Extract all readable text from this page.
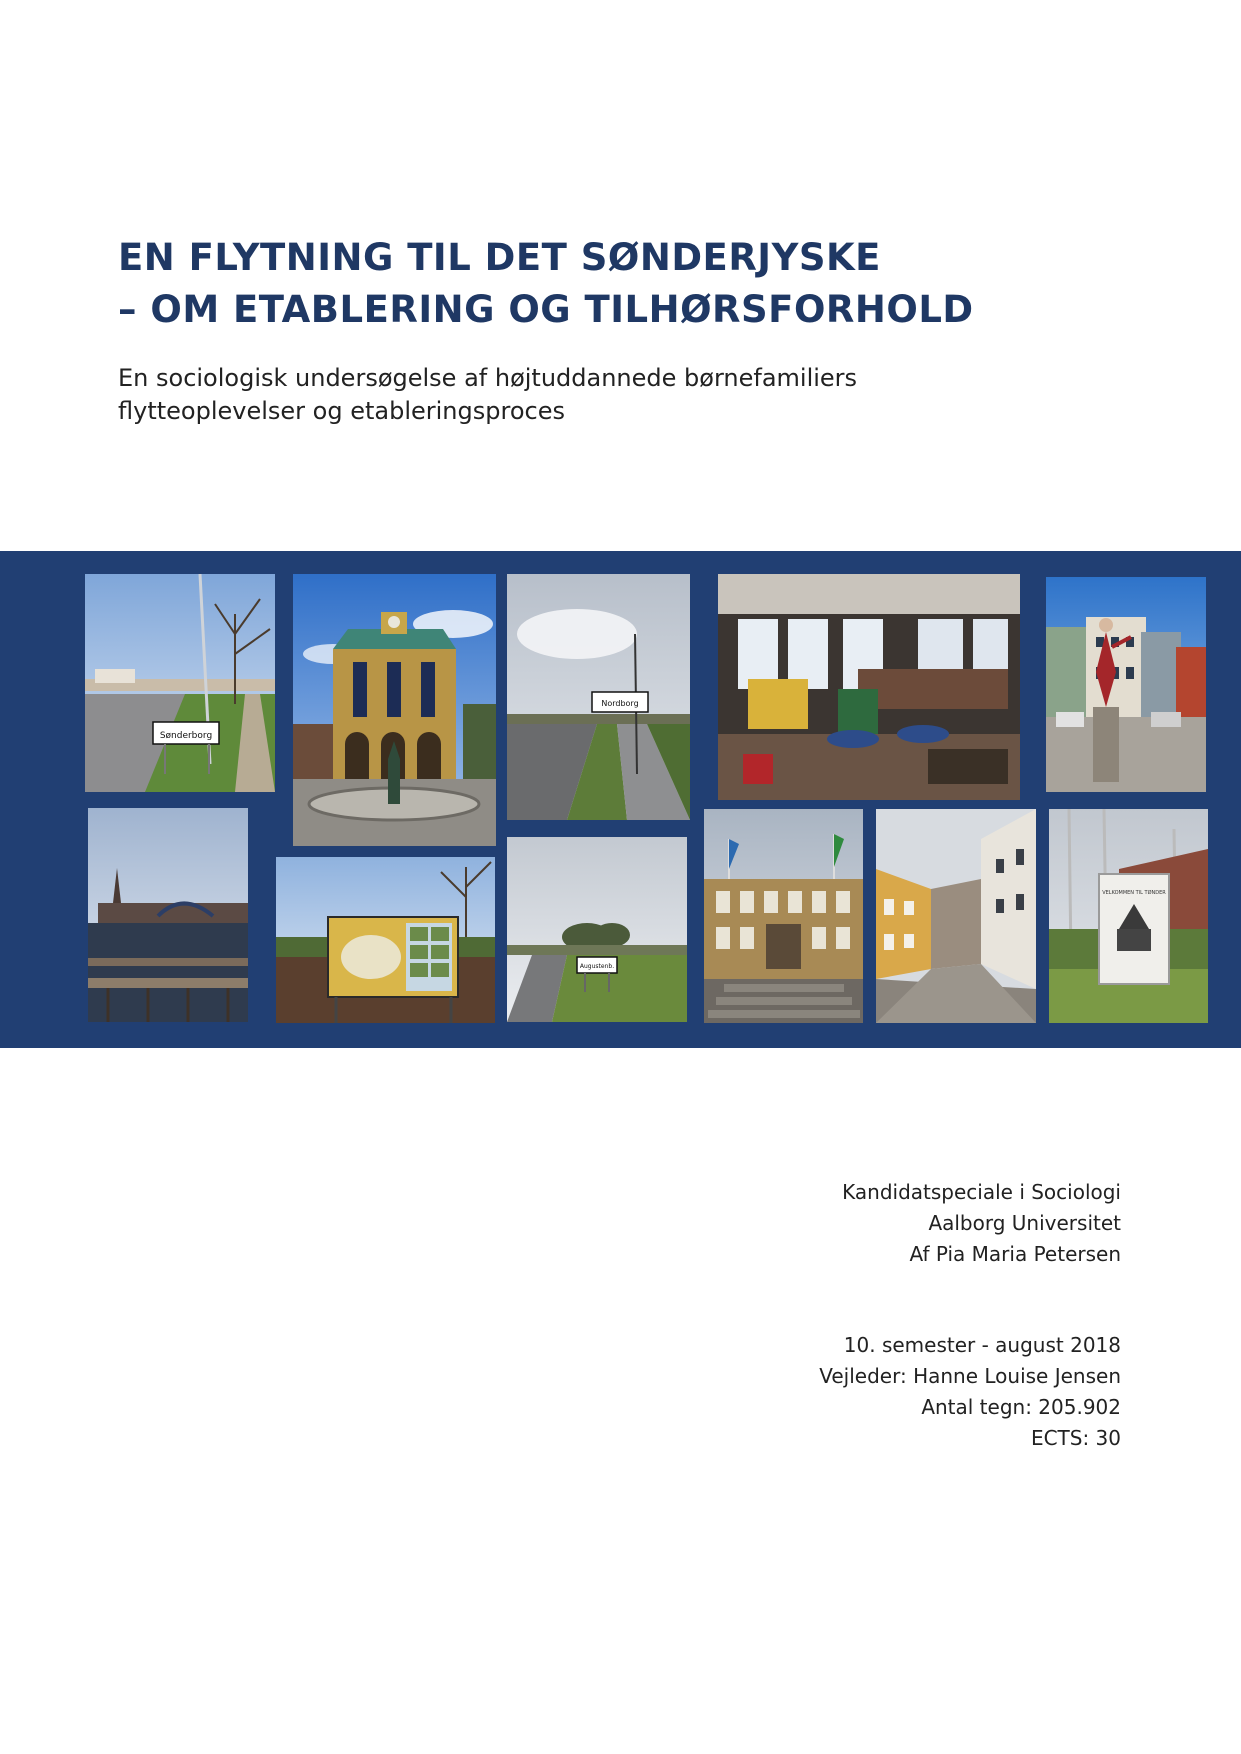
EN FLYTNING TIL DET SØNDERJYSKE
– OM ETABLERING OG TILHØRSFORHOLD
En sociologisk undersøgelse af højtuddannede børnefamiliers
flytteoplevelser og etableringsproces
Sønderborg
Nordborg
Augustenb.
VELKOMMEN TIL TØNDER
Kandidatspeciale i Sociologi
Aalborg Universitet
Af Pia Maria Petersen
10. semester - august 2018
Vejleder: Hanne Louise Jensen
Antal tegn: 205.902
ECTS: 30
